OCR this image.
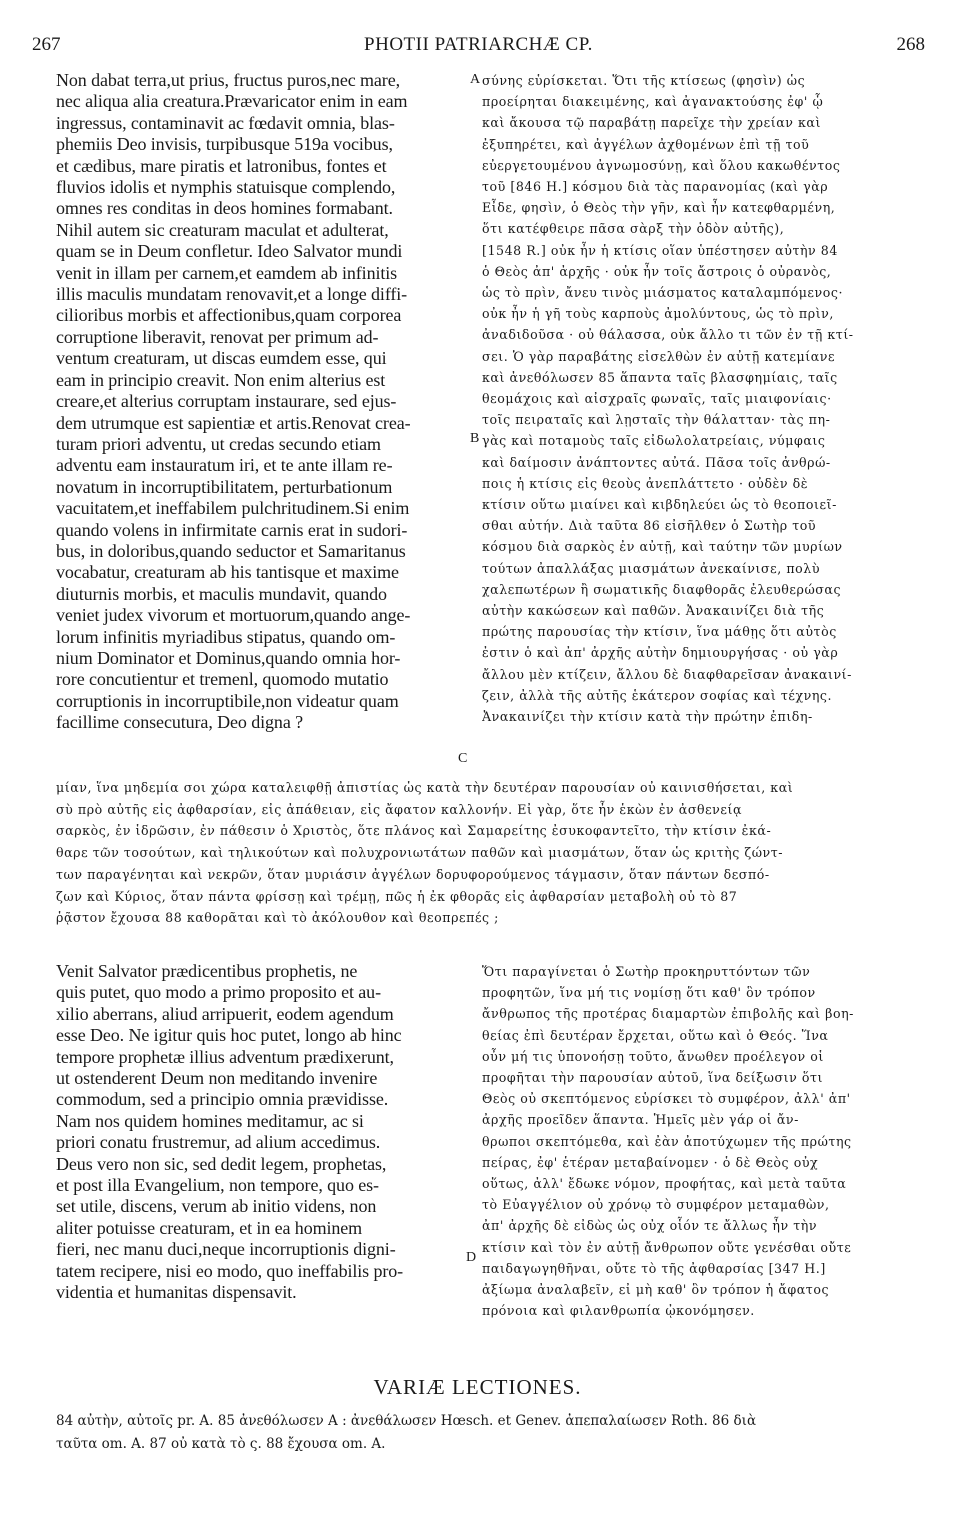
267	PHOTII PATRIARCHÆ CP.	268
A
B
C
D
Non dabat terra,ut prius, fructus puros,nec mare,
nec aliqua alia creatura.Prævaricator enim in eam
ingressus, contaminavit ac fœdavit omnia, blas-
phemiis Deo invisis, turpibusque 519a vocibus,
et cædibus, mare piratis et latronibus, fontes et
fluvios idolis et nymphis statuisque complendo,
omnes res conditas in deos homines formabant.
Nihil autem sic creaturam maculat et adulterat,
quam se in Deum confletur. Ideo Salvator mundi
venit in illam per carnem,et eamdem ab infinitis
illis maculis mundatam renovavit,et a longe diffi-
cilioribus morbis et affectionibus,quam corporea
corruptione liberavit, renovat per primum ad-
ventum creaturam, ut discas eumdem esse, qui
eam in principio creavit. Non enim alterius est
creare,et alterius corruptam instaurare, sed ejus-
dem utrumque est sapientiæ et artis.Renovat crea-
turam priori adventu, ut credas secundo etiam
adventu eam instauratum iri, et te ante illam re-
novatum in incorruptibilitatem, perturbationum
vacuitatem,et ineffabilem pulchritudinem.Si enim
quando volens in infirmitate carnis erat in sudori-
bus, in doloribus,quando seductor et Samaritanus
vocabatur, creaturam ab his tantisque et maxime
diuturnis morbis, et maculis mundavit, quando
veniet judex vivorum et mortuorum,quando ange-
lorum infinitis myriadibus stipatus, quando om-
nium Dominator et Dominus,quando omnia hor-
rore concutientur et tremenl, quomodo mutatio
corruptionis in incorruptibile,non videatur quam
facillime consecutura, Deo digna ?
σύνης εὑρίσκεται. Ὅτι τῆς κτίσεως (φησὶν) ὡς
προείρηται διακειμένης, καὶ ἀγανακτούσης ἐφ' ᾧ
καὶ ἄκουσα τῷ παραβάτῃ παρεῖχε τὴν χρείαν καὶ
ἐξυπηρέτει, καὶ ἀγγέλων ἀχθομένων ἐπὶ τῇ τοῦ
εὐεργετουμένου ἀγνωμοσύνῃ, καὶ ὅλου κακωθέντος
τοῦ [846 H.] κόσμου διὰ τὰς παρανομίας (καὶ γὰρ
Εἶδε, φησὶν, ὁ Θεὸς τὴν γῆν, καὶ ἦν κατεφθαρμένη,
ὅτι κατέφθειρε πᾶσα σὰρξ τὴν ὁδὸν αὐτῆς),
[1548 R.] οὐκ ἦν ἡ κτίσις οἵαν ὑπέστησεν αὐτὴν 84
ὁ Θεὸς ἀπ' ἀρχῆς · οὐκ ἦν τοῖς ἄστροις ὁ οὐρανὸς,
ὡς τὸ πρὶν, ἄνευ τινὸς μιάσματος καταλαμπόμενος·
οὐκ ἦν ἡ γῆ τοὺς καρποὺς ἀμολύντους, ὡς τὸ πρὶν,
ἀναδιδοῦσα · οὐ θάλασσα, οὐκ ἄλλο τι τῶν ἐν τῇ κτί-
σει. Ὁ γὰρ παραβάτης εἰσελθὼν ἐν αὐτῇ κατεμίανε
καὶ ἀνεθόλωσεν 85 ἅπαντα ταῖς βλασφημίαις, ταῖς
θεομάχοις καὶ αἰσχραῖς φωναῖς, ταῖς μιαιφονίαις·
τοῖς πειραταῖς καὶ λῃσταῖς τὴν θάλατταν· τὰς πη-
γὰς καὶ ποταμοὺς ταῖς εἰδωλολατρείαις, νύμφαις
καὶ δαίμοσιν ἀνάπτοντες αὐτά. Πᾶσα τοῖς ἀνθρώ-
ποις ἡ κτίσις εἰς θεοὺς ἀνεπλάττετο · οὐδὲν δὲ
κτίσιν οὕτω μιαίνει καὶ κιβδηλεύει ὡς τὸ θεοποιεῖ-
σθαι αὐτήν. Διὰ ταῦτα 86 εἰσῆλθεν ὁ Σωτὴρ τοῦ
κόσμου διὰ σαρκὸς ἐν αὐτῇ, καὶ ταύτην τῶν μυρίων
τούτων ἀπαλλάξας μιασμάτων ἀνεκαίνισε, πολὺ
χαλεπωτέρων ἢ σωματικῆς διαφθορᾶς ἐλευθερώσας
αὐτὴν κακώσεων καὶ παθῶν. Ἀνακαινίζει διὰ τῆς
πρώτης παρουσίας τὴν κτίσιν, ἵνα μάθῃς ὅτι αὐτὸς
ἐστιν ὁ καὶ ἀπ' ἀρχῆς αὐτὴν δημιουργήσας · οὐ γὰρ
ἄλλου μὲν κτίζειν, ἄλλου δὲ διαφθαρεῖσαν ἀνακαινί-
ζειν, ἀλλὰ τῆς αὐτῆς ἑκάτερον σοφίας καὶ τέχνης.
Ἀνακαινίζει τὴν κτίσιν κατὰ τὴν πρώτην ἐπιδη-
μίαν, ἵνα μηδεμία σοι χώρα καταλειφθῇ ἀπιστίας ὡς κατὰ τὴν δευτέραν παρουσίαν οὐ καινισθήσεται, καὶ
σὺ πρὸ αὐτῆς εἰς ἀφθαρσίαν, εἰς ἀπάθειαν, εἰς ἄφατον καλλονήν. Εἰ γὰρ, ὅτε ἦν ἑκὼν ἐν ἀσθενείᾳ
σαρκὸς, ἐν ἱδρῶσιν, ἐν πάθεσιν ὁ Χριστὸς, ὅτε πλάνος καὶ Σαμαρείτης ἐσυκοφαντεῖτο, τὴν κτίσιν ἐκά-
θαρε τῶν τοσούτων, καὶ τηλικούτων καὶ πολυχρονιωτάτων παθῶν καὶ μιασμάτων, ὅταν ὡς κριτὴς ζώντ-
των παραγένηται καὶ νεκρῶν, ὅταν μυριάσιν ἀγγέλων δορυφορούμενος τάγμασιν, ὅταν πάντων δεσπό-
ζων καὶ Κύριος, ὅταν πάντα φρίσσῃ καὶ τρέμῃ, πῶς ἡ ἐκ φθορᾶς εἰς ἀφθαρσίαν μεταβολὴ οὐ τὸ 87
ῥᾷστον ἔχουσα 88 καθορᾶται καὶ τὸ ἀκόλουθον καὶ θεοπρεπές ;
Venit Salvator prædicentibus prophetis, ne
quis putet, quo modo a primo proposito et au-
xilio aberrans, aliud arripuerit, eodem agendum
esse Deo. Ne igitur quis hoc putet, longo ab hinc
tempore prophetæ illius adventum prædixerunt,
ut ostenderent Deum non meditando invenire
commodum, sed a principio omnia prævidisse.
Nam nos quidem homines meditamur, ac si
priori conatu frustremur, ad alium accedimus.
Deus vero non sic, sed dedit legem, prophetas,
et post illa Evangelium, non tempore, quo es-
set utile, discens, verum ab initio videns, non
aliter potuisse creaturam, et in ea hominem
fieri, nec manu duci,neque incorruptionis digni-
tatem recipere, nisi eo modo, quo ineffabilis pro-
videntia et humanitas dispensavit.
Ὅτι παραγίνεται ὁ Σωτὴρ προκηρυττόντων τῶν
προφητῶν, ἵνα μή τις νομίσῃ ὅτι καθ' ὃν τρόπον
ἄνθρωπος τῆς προτέρας διαμαρτὼν ἐπιβολῆς καὶ βοη-
θείας ἐπὶ δευτέραν ἔρχεται, οὕτω καὶ ὁ Θεός. Ἵνα
οὖν μή τις ὑπονοήσῃ τοῦτο, ἄνωθεν προέλεγον οἱ
προφῆται τὴν παρουσίαν αὐτοῦ, ἵνα δείξωσιν ὅτι
Θεὸς οὐ σκεπτόμενος εὑρίσκει τὸ συμφέρον, ἀλλ' ἀπ'
ἀρχῆς προεῖδεν ἅπαντα. Ἡμεῖς μὲν γάρ οἱ ἄν-
θρωποι σκεπτόμεθα, καὶ ἐὰν ἀποτύχωμεν τῆς πρώτης
πείρας, ἐφ' ἑτέραν μεταβαίνομεν · ὁ δὲ Θεὸς οὐχ
οὕτως, ἀλλ' ἔδωκε νόμον, προφήτας, καὶ μετὰ ταῦτα
τὸ Εὐαγγέλιον οὐ χρόνῳ τὸ συμφέρον μεταμαθὼν,
ἀπ' ἀρχῆς δὲ εἰδὼς ὡς οὐχ οἷόν τε ἄλλως ἦν τὴν
κτίσιν καὶ τὸν ἐν αὐτῇ ἄνθρωπον οὔτε γενέσθαι οὔτε
παιδαγωγηθῆναι, οὔτε τὸ τῆς ἀφθαρσίας [347 H.]
ἀξίωμα ἀναλαβεῖν, εἰ μὴ καθ' ὃν τρόπον ἡ ἄφατος
πρόνοια καὶ φιλανθρωπία ᾠκονόμησεν.
VARIÆ LECTIONES.
84 αὐτὴν, αὐτοῖς pr. A. 85 ἀνεθόλωσεν A : ἀνεθάλωσεν Hœsch. et Genev. ἀπεπαλαίωσεν Roth. 86 διὰ
ταῦτα om. A. 87 οὐ κατὰ τὸ ς. 88 ἔχουσα om. A.
